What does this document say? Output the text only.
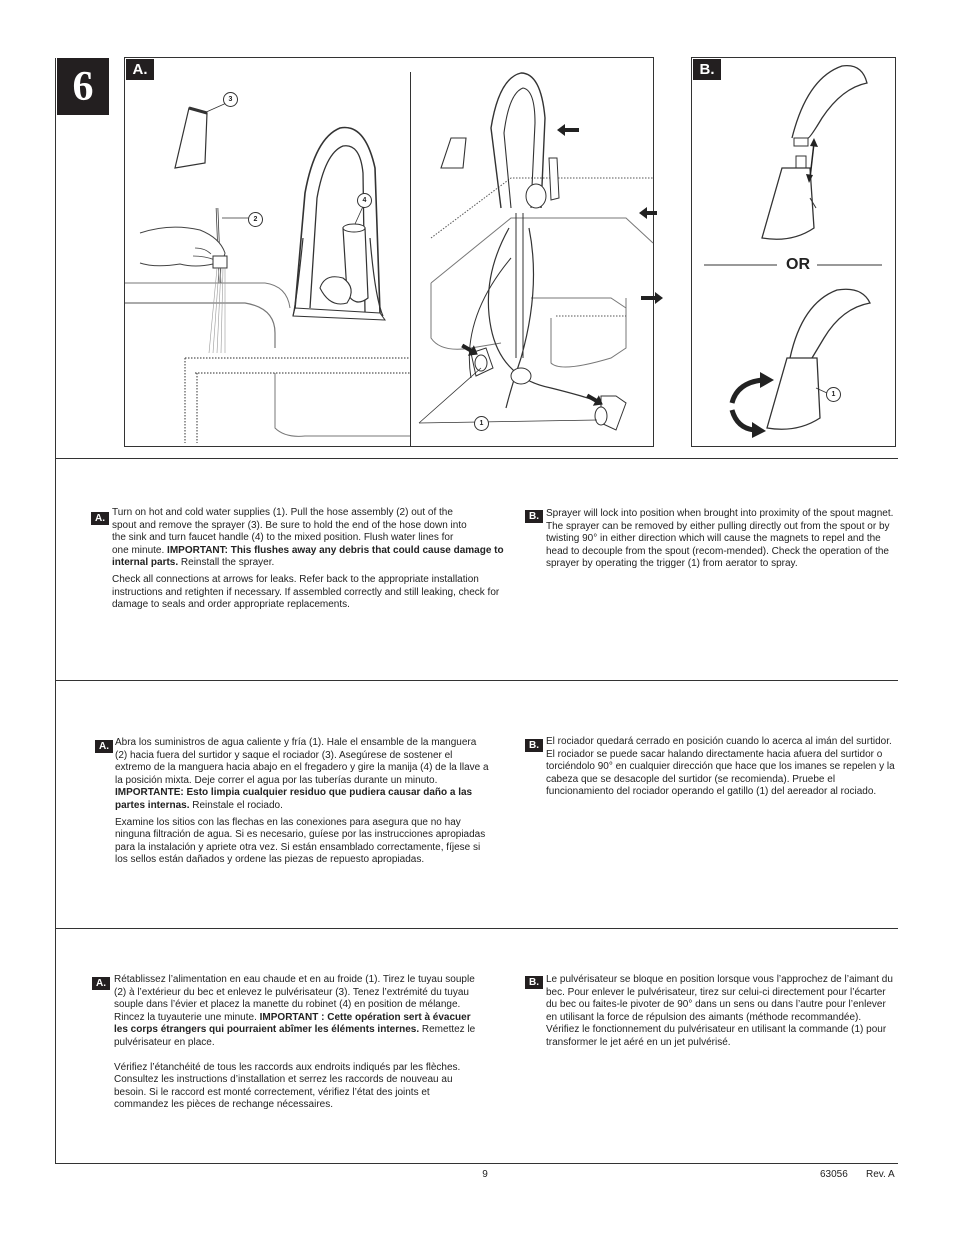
6	A.
3
2
4
1
B.
OR
1
A.

Turn on hot and cold water supplies (1). Pull the hose assembly (2) out of the
spout and remove the sprayer (3). Be sure to hold the end of the hose down into
the sink and turn faucet handle (4) to the mixed position. Flush water lines for
one minute. IMPORTANT: This flushes away any debris that could cause damage to internal parts. Reinstall the sprayer.

Check all connections at arrows for leaks. Refer back to the appropriate installation instructions and retighten if necessary. If assembled correctly and still leaking, check for damage to seals and order appropriate replacements.

B. Sprayer will lock into position when brought into proximity of the spout magnet. The sprayer can be removed by either pulling directly out from the spout or by twisting 90° in either direction which will cause the magnets to repel and the head to decouple from the spout (recom-mended). Check the operation of the sprayer by operating the trigger (1) from aerator to spray.
A. Abra los suministros de agua caliente y fría (1). Hale el ensamble de la manguera (2) hacia fuera del surtidor y saque el rociador (3). Asegúrese de sostener el extremo de la manguera hacia abajo en el fregadero y gire la manija (4) de la llave a la posición mixta. Deje correr el agua por las tuberías durante un minuto. IMPORTANTE: Esto limpia cualquier residuo que pudiera causar daño a las partes internas. Reinstale el rociado.

Examine los sitios con las flechas en las conexiones para asegura que no hay ninguna filtración de agua. Si es necesario, guíese por las instrucciones apropiadas para la instalación y apriete otra vez. Si están ensamblado correctamente, fíjese si los sellos están dañados y ordene las piezas de repuesto apropiadas.

B. El rociador quedará cerrado en posición cuando lo acerca al imán del surtidor. El rociador se puede sacar halando directamente hacia afuera del surtidor o torciéndolo 90° en cualquier dirección que hace que los imanes se repelen y la cabeza que se desacople del surtidor (se recomienda). Pruebe el funcionamiento del rociador operando el gatillo (1) del aereador al rociado.
A. Rétablissez l’alimentation en eau chaude et en au froide (1). Tirez le tuyau souple (2) à l’extérieur du bec et enlevez le pulvérisateur (3). Tenez l’extrémité du tuyau souple dans l’évier et placez la manette du robinet (4) en position de mélange. Rincez la tuyauterie une minute. IMPORTANT : Cette opération sert à évacuer les corps étrangers qui pourraient abîmer les éléments internes. Remettez le pulvérisateur en place.

Vérifiez l’étanchéité de tous les raccords aux endroits indiqués par les flèches. Consultez les instructions d’installation et serrez les raccords de nouveau au besoin. Si le raccord est monté correctement, vérifiez l’état des joints et commandez les pièces de rechange nécessaires.

B. Le pulvérisateur se bloque en position lorsque vous l’approchez de l’aimant du bec. Pour enlever le pulvérisateur, tirez sur celui-ci directement pour l’écarter du bec ou faites-le pivoter de 90° dans un sens ou dans l’autre pour l’enlever en utilisant la force de répulsion des aimants (méthode recommandée). Vérifiez le fonctionnement du pulvérisateur en utilisant la commande (1) pour transformer le jet aéré en un jet pulvérisé.
9	63056 Rev. A
